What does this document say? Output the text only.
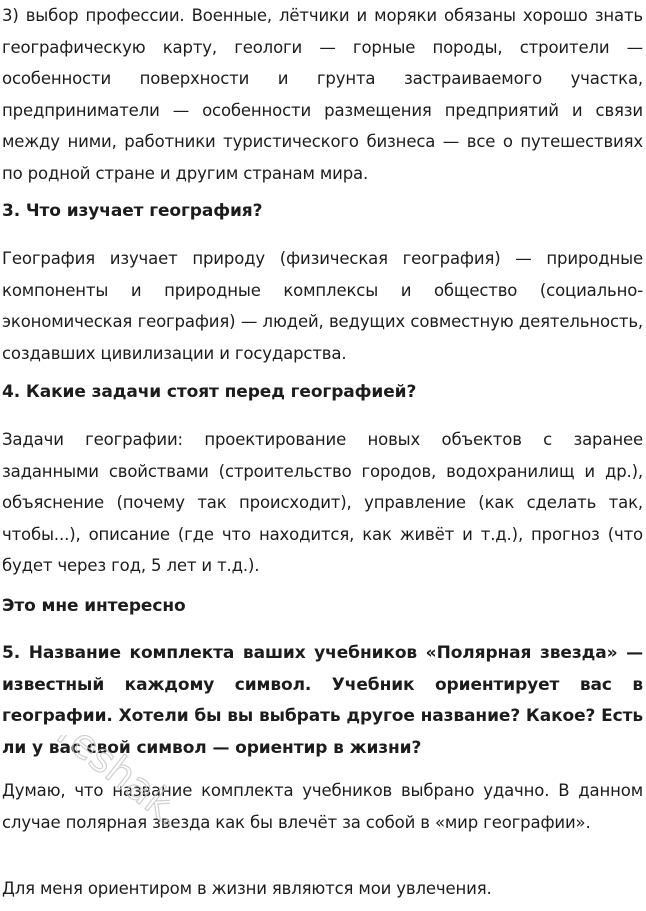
3) выбор профессии. Военные, лётчики и моряки обязаны хорошо знать географическую карту, геологи — горные породы, строители — особенности поверхности и грунта застраиваемого участка, предприниматели — особенности размещения предприятий и связи между ними, работники туристического бизнеса — все о путешествиях по родной стране и другим странам мира.

3. Что изучает география?

География изучает природу (физическая география) — природные компоненты и природные комплексы и общество (социально-экономическая география) — людей, ведущих совместную деятельность, создавших цивилизации и государства.

4. Какие задачи стоят перед географией?

Задачи географии: проектирование новых объектов с заранее заданными свойствами (строительство городов, водохранилищ и др.), объяснение (почему так происходит), управление (как сделать так, чтобы...), описание (где что находится, как живёт и т.д.), прогноз (что будет через год, 5 лет и т.д.).

Это мне интересно
5. Название комплекта ваших учебников «Полярная звезда» — известный каждому символ. Учебник ориентирует вас в географии. Хотели бы вы выбрать другое название? Какое? Есть ли у вас свой символ — ориентир в жизни?

Думаю, что название комплекта учебников выбрано удачно. В данном случае полярная звезда как бы влечёт за собой в «мир географии».

Для меня ориентиром в жизни являются мои увлечения.

reshak.ru
